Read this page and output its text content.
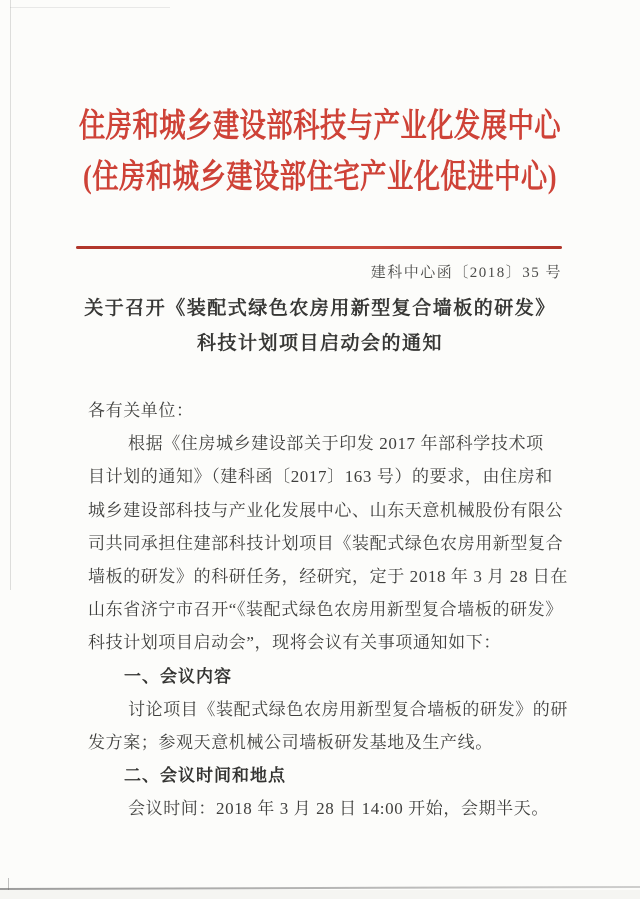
住房和城乡建设部科技与产业化发展中心
(住房和城乡建设部住宅产业化促进中心)
建科中心函〔2018〕35 号
关于召开《装配式绿色农房用新型复合墙板的研发》
科技计划项目启动会的通知
各有关单位：
根据《住房城乡建设部关于印发 2017 年部科学技术项
目计划的通知》（建科函〔2017〕163 号）的要求，由住房和
城乡建设部科技与产业化发展中心、山东天意机械股份有限公
司共同承担住建部科技计划项目《装配式绿色农房用新型复合
墙板的研发》的科研任务，经研究，定于 2018 年 3 月 28 日在
山东省济宁市召开“《装配式绿色农房用新型复合墙板的研发》
科技计划项目启动会”，现将会议有关事项通知如下：
一、会议内容
讨论项目《装配式绿色农房用新型复合墙板的研发》的研
发方案；参观天意机械公司墙板研发基地及生产线。
二、会议时间和地点
会议时间：2018 年 3 月 28 日 14:00 开始，会期半天。
